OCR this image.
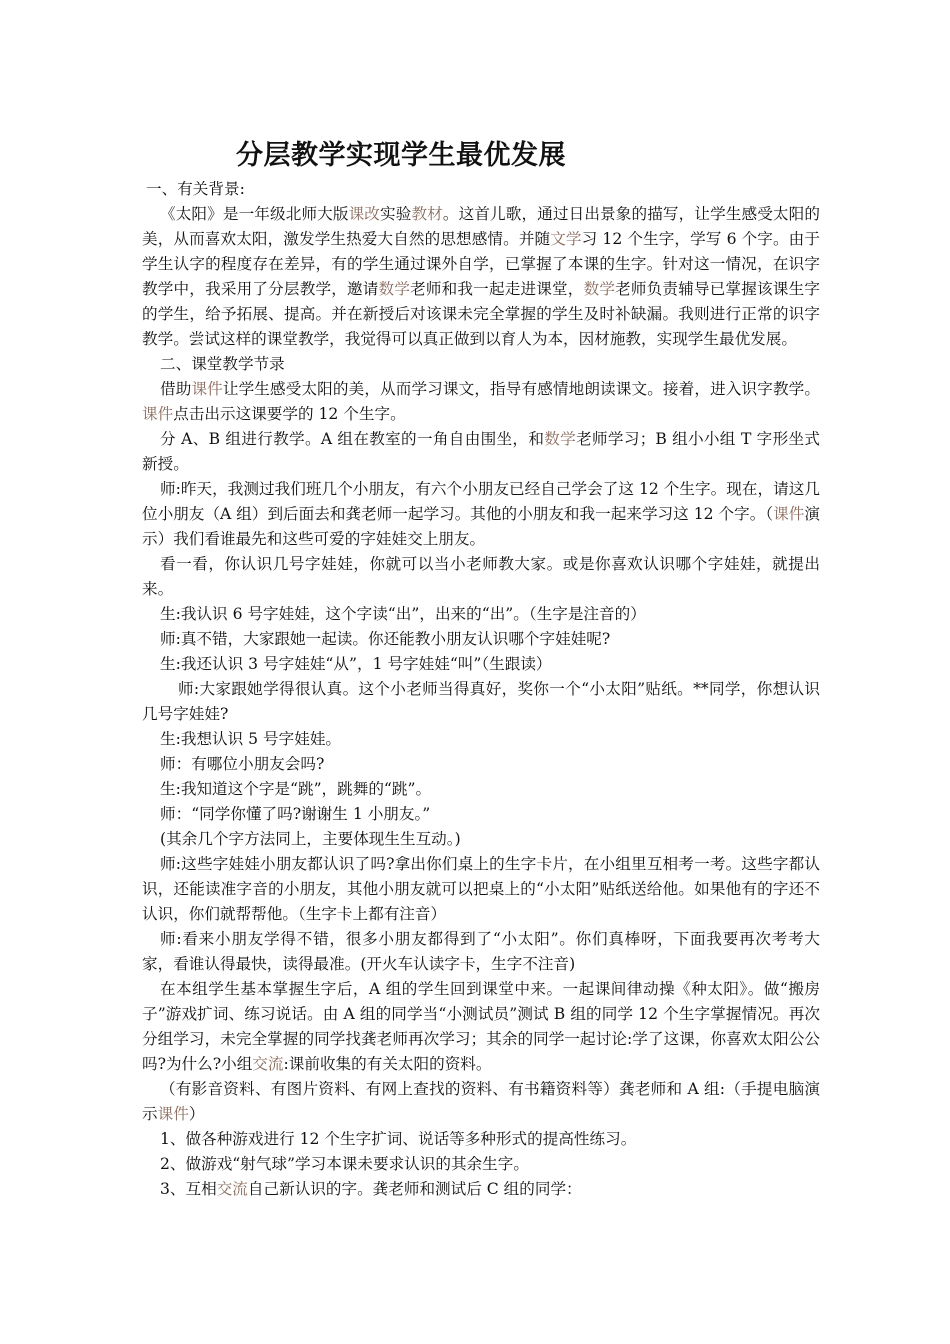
分层教学实现学生最优发展

一、有关背景:

《太阳》是一年级北师大版课改实验教材。这首儿歌，通过日出景象的描写，让学生感受太阳的美，从而喜欢太阳，激发学生热爱大自然的思想感情。并随文学习 12 个生字，学写 6 个字。由于学生认字的程度存在差异，有的学生通过课外自学，已掌握了本课的生字。针对这一情况，在识字教学中，我采用了分层教学，邀请数学老师和我一起走进课堂，数学老师负责辅导已掌握该课生字的学生，给予拓展、提高。并在新授后对该课未完全掌握的学生及时补缺漏。我则进行正常的识字教学。尝试这样的课堂教学，我觉得可以真正做到以育人为本，因材施教，实现学生最优发展。

二、课堂教学节录

借助课件让学生感受太阳的美，从而学习课文，指导有感情地朗读课文。接着，进入识字教学。课件点击出示这课要学的 12 个生字。

分 A、B 组进行教学。A 组在教室的一角自由围坐，和数学老师学习；B 组小小组 T 字形坐式新授。

师:昨天，我测过我们班几个小朋友，有六个小朋友已经自己学会了这 12 个生字。现在，请这几位小朋友（A 组）到后面去和龚老师一起学习。其他的小朋友和我一起来学习这 12 个字。（课件演示）我们看谁最先和这些可爱的字娃娃交上朋友。

看一看，你认识几号字娃娃，你就可以当小老师教大家。或是你喜欢认识哪个字娃娃，就提出来。

生:我认识 6 号字娃娃，这个字读“出”，出来的“出”。（生字是注音的）

师:真不错，大家跟她一起读。你还能教小朋友认识哪个字娃娃呢?

生:我还认识 3 号字娃娃“从”，1 号字娃娃“叫”（生跟读）

师:大家跟她学得很认真。这个小老师当得真好，奖你一个“小太阳”贴纸。**同学，你想认识几号字娃娃?

生:我想认识 5 号字娃娃。

师：有哪位小朋友会吗?

生:我知道这个字是“跳”，跳舞的“跳”。

师：“同学你懂了吗?谢谢生 1 小朋友。”

(其余几个字方法同上，主要体现生生互动。)

师:这些字娃娃小朋友都认识了吗?拿出你们桌上的生字卡片，在小组里互相考一考。这些字都认识，还能读准字音的小朋友，其他小朋友就可以把桌上的“小太阳”贴纸送给他。如果他有的字还不认识，你们就帮帮他。（生字卡上都有注音）

师:看来小朋友学得不错，很多小朋友都得到了“小太阳”。你们真棒呀，下面我要再次考考大家，看谁认得最快，读得最准。(开火车认读字卡，生字不注音)

在本组学生基本掌握生字后，A 组的学生回到课堂中来。一起课间律动操《种太阳》。做“搬房子”游戏扩词、练习说话。由 A 组的同学当“小测试员”测试 B 组的同学 12 个生字掌握情况。再次分组学习，未完全掌握的同学找龚老师再次学习；其余的同学一起讨论:学了这课，你喜欢太阳公公吗?为什么?小组交流:课前收集的有关太阳的资料。

（有影音资料、有图片资料、有网上查找的资料、有书籍资料等）龚老师和 A 组:（手提电脑演示课件）

1、做各种游戏进行 12 个生字扩词、说话等多种形式的提高性练习。

2、做游戏“射气球”学习本课未要求认识的其余生字。

3、互相交流自己新认识的字。龚老师和测试后 C 组的同学：
